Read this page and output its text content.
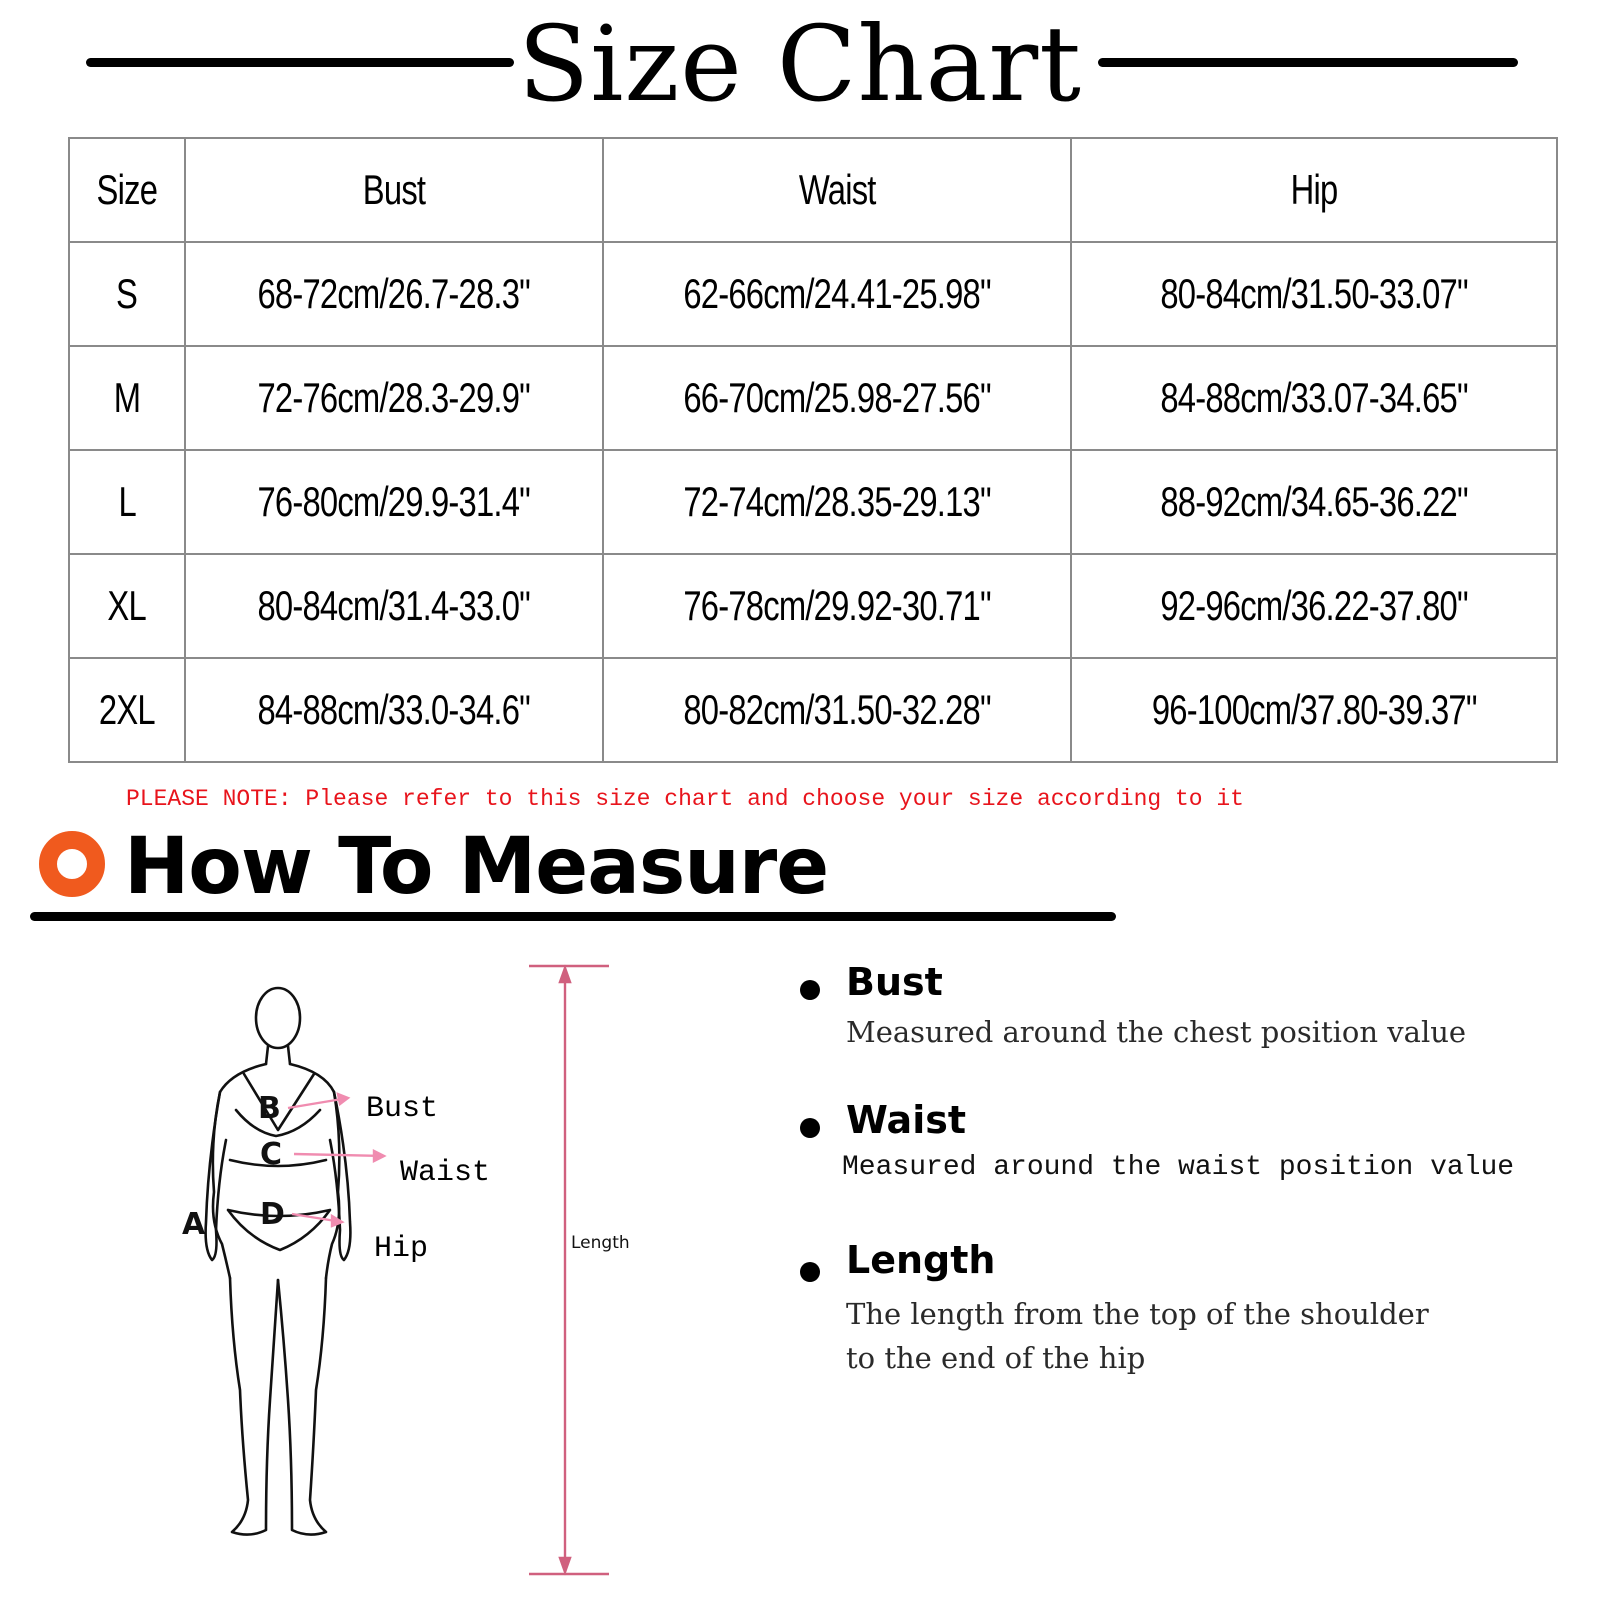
Size Chart
Size	Bust	Waist	Hip
S	68-72cm/26.7-28.3"	62-66cm/24.41-25.98"	80-84cm/31.50-33.07"
M	72-76cm/28.3-29.9"	66-70cm/25.98-27.56"	84-88cm/33.07-34.65"
L	76-80cm/29.9-31.4"	72-74cm/28.35-29.13"	88-92cm/34.65-36.22"
XL	80-84cm/31.4-33.0"	76-78cm/29.92-30.71"	92-96cm/36.22-37.80"
2XL	84-88cm/33.0-34.6"	80-82cm/31.50-32.28"	96-100cm/37.80-39.37"
PLEASE NOTE: Please refer to this size chart and choose your size according to it
How To Measure
A
B
C
D
Bust
Waist
Hip	Length
Bust
Measured around the chest position value
Waist
Measured around the waist position value
Length
The length from the top of the shoulder to the end of the hip
